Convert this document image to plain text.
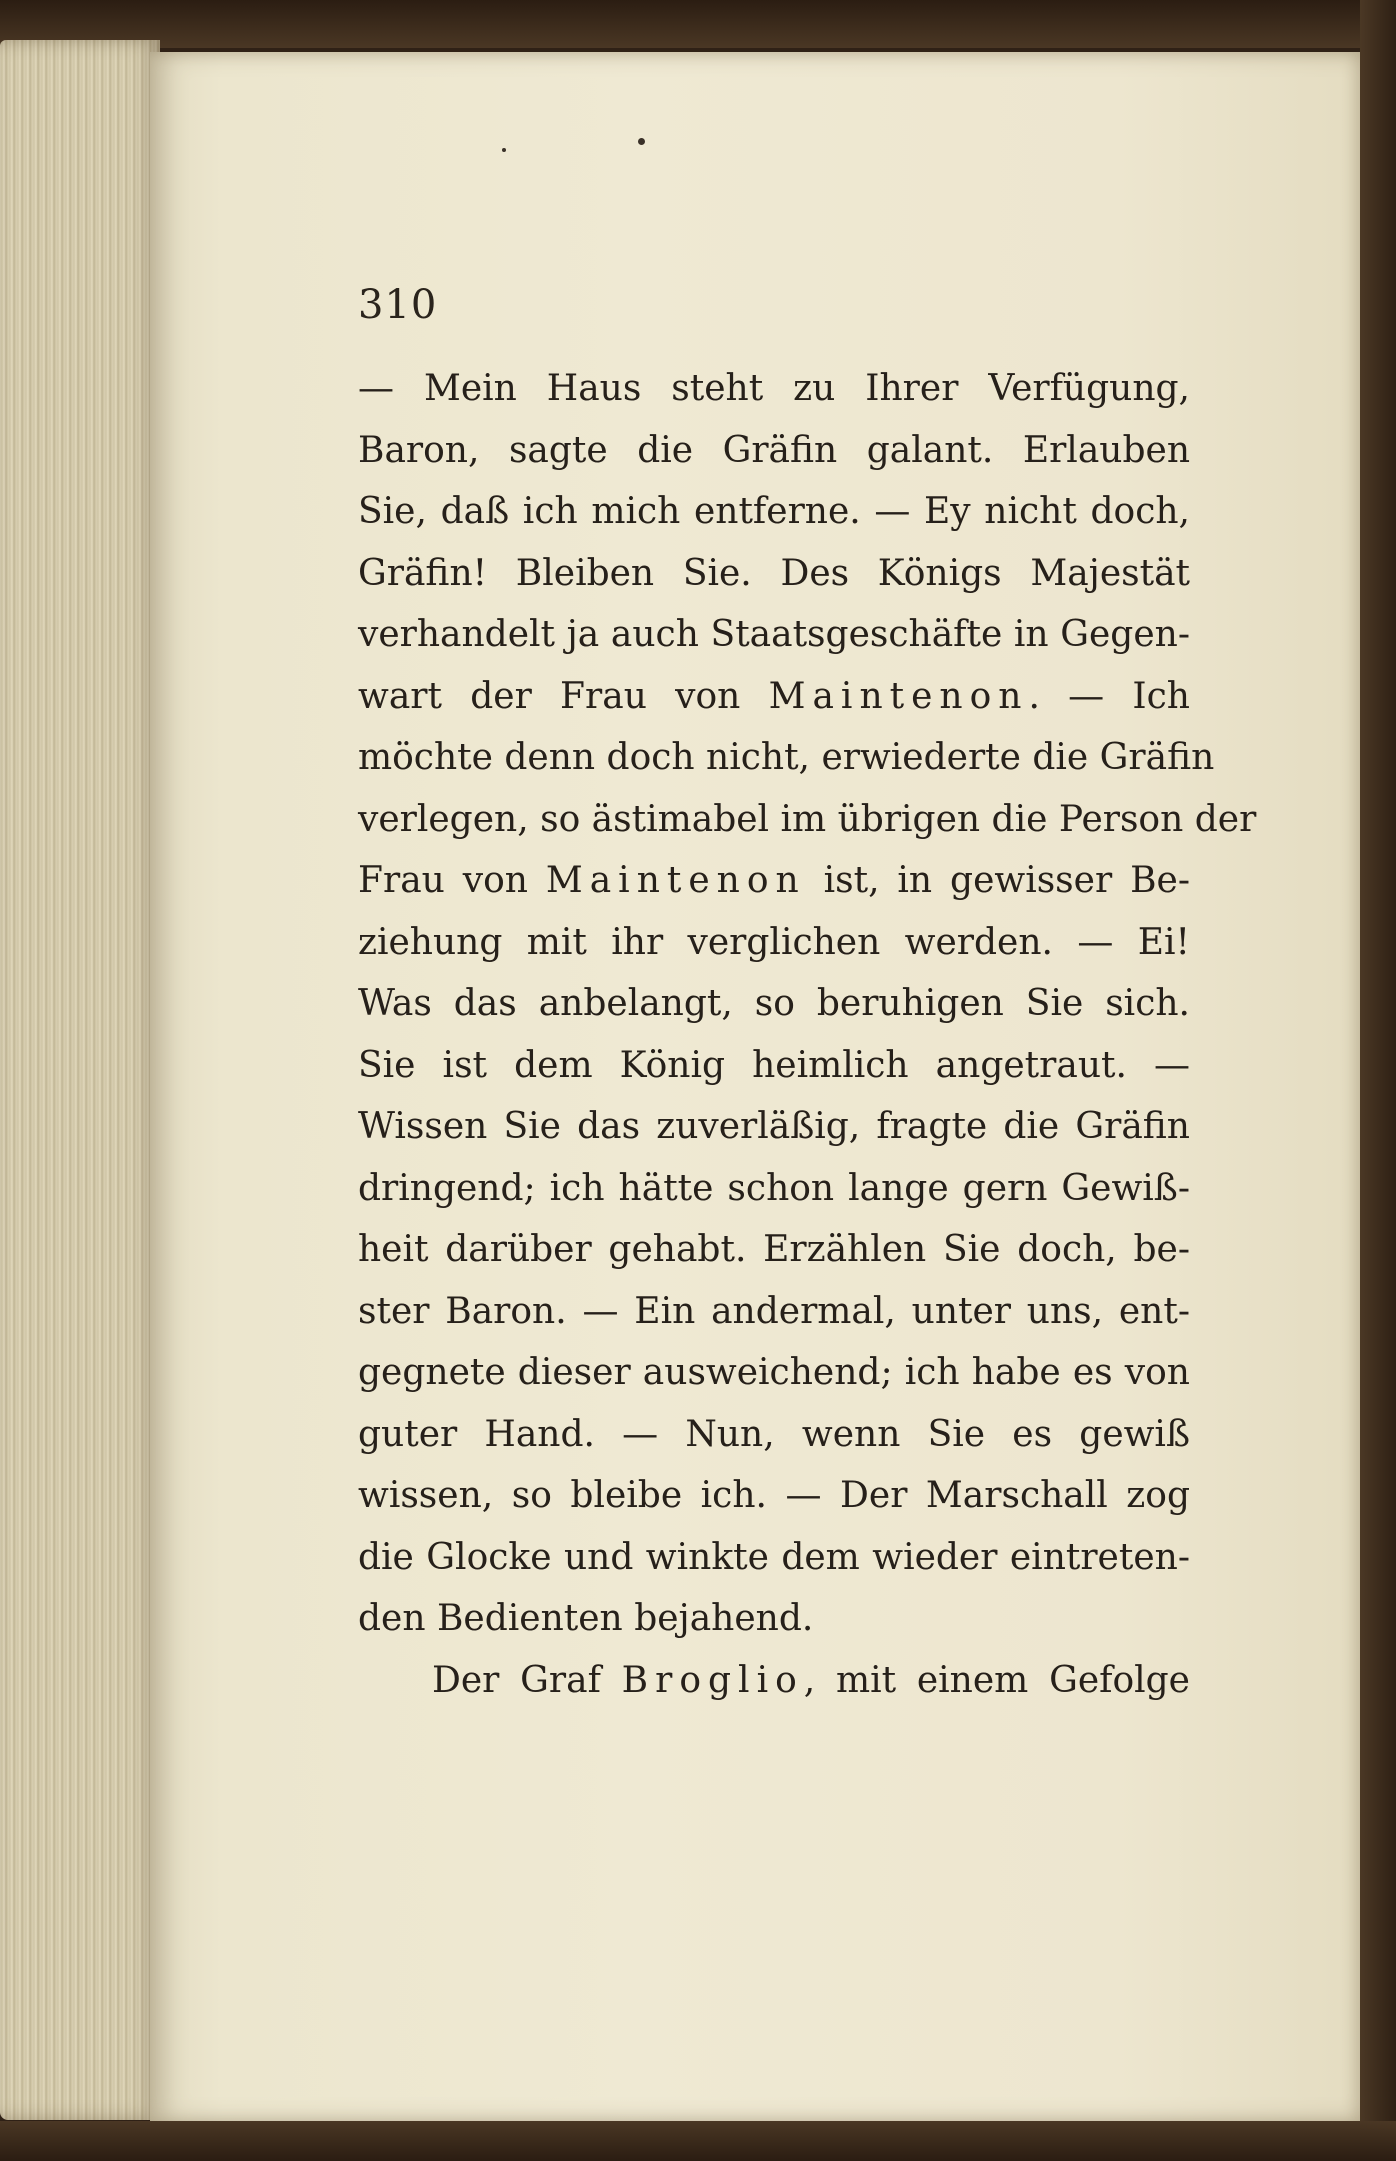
310
— Mein Haus steht zu Ihrer Verfügung,
Baron, sagte die Gräfin galant. Erlauben
Sie, daß ich mich entferne. — Ey nicht doch,
Gräfin! Bleiben Sie. Des Königs Majestät
verhandelt ja auch Staatsgeschäfte in Gegen-
wart der Frau von Maintenon. — Ich
möchte denn doch nicht, erwiederte die Gräfin
verlegen, so ästimabel im übrigen die Person der
Frau von Maintenon ist, in gewisser Be-
ziehung mit ihr verglichen werden. — Ei!
Was das anbelangt, so beruhigen Sie sich.
Sie ist dem König heimlich angetraut. —
Wissen Sie das zuverläßig, fragte die Gräfin
dringend; ich hätte schon lange gern Gewiß-
heit darüber gehabt. Erzählen Sie doch, be-
ster Baron. — Ein andermal, unter uns, ent-
gegnete dieser ausweichend; ich habe es von
guter Hand. — Nun, wenn Sie es gewiß
wissen, so bleibe ich. — Der Marschall zog
die Glocke und winkte dem wieder eintreten-
den Bedienten bejahend.
Der Graf Broglio, mit einem Gefolge
